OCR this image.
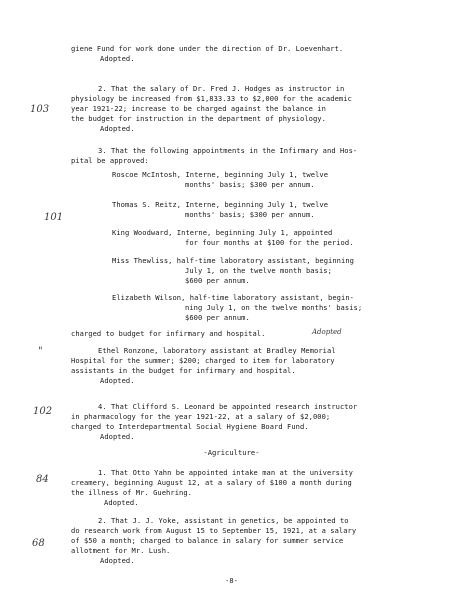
giene Fund for work done under the direction of Dr. Loevenhart.
Adopted.
103
2. That the salary of Dr. Fred J. Hodges as instructor in
physiology be increased from $1,833.33 to $2,000 for the academic
year 1921-22; increase to be charged against the balance in
the budget for instruction in the department of physiology.
Adopted.
3. That the following appointments in the Infirmary and Hos-
pital be approved:
Roscoe McIntosh, Interne, beginning July 1, twelve
months' basis; $300 per annum.
Thomas S. Reitz, Interne, beginning July 1, twelve
months' basis; $300 per annum.
101
King Woodward, Interne, beginning July 1, appointed
for four months at $100 for the period.
Miss Thewliss, half-time laboratory assistant, beginning
July 1, on the twelve month basis;
$600 per annum.
Elizabeth Wilson, half-time laboratory assistant, begin-
ning July 1, on the twelve months' basis;
$600 per annum.
charged to budget for infirmary and hospital.	Adopted
"	Ethel Ronzone, laboratory assistant at Bradley Memorial
Hospital for the summer; $200; charged to item for laboratory
assistants in the budget for infirmary and hospital.
Adopted.
102	4. That Clifford S. Leonard be appointed research instructor
in pharmacology for the year 1921-22, at a salary of $2,000;
charged to Interdepartmental Social Hygiene Board Fund.
Adopted.
-Agriculture-
84
1. That Otto Yahn be appointed intake man at the university
creamery, beginning August 12, at a salary of $100 a month during
the illness of Mr. Guehring.
Adopted.
2. That J. J. Yoke, assistant in genetics, be appointed to
do research work from August 15 to September 15, 1921, at a salary
68	of $50 a month; charged to balance in salary for summer service
allotment for Mr. Lush.
Adopted.
-8-
